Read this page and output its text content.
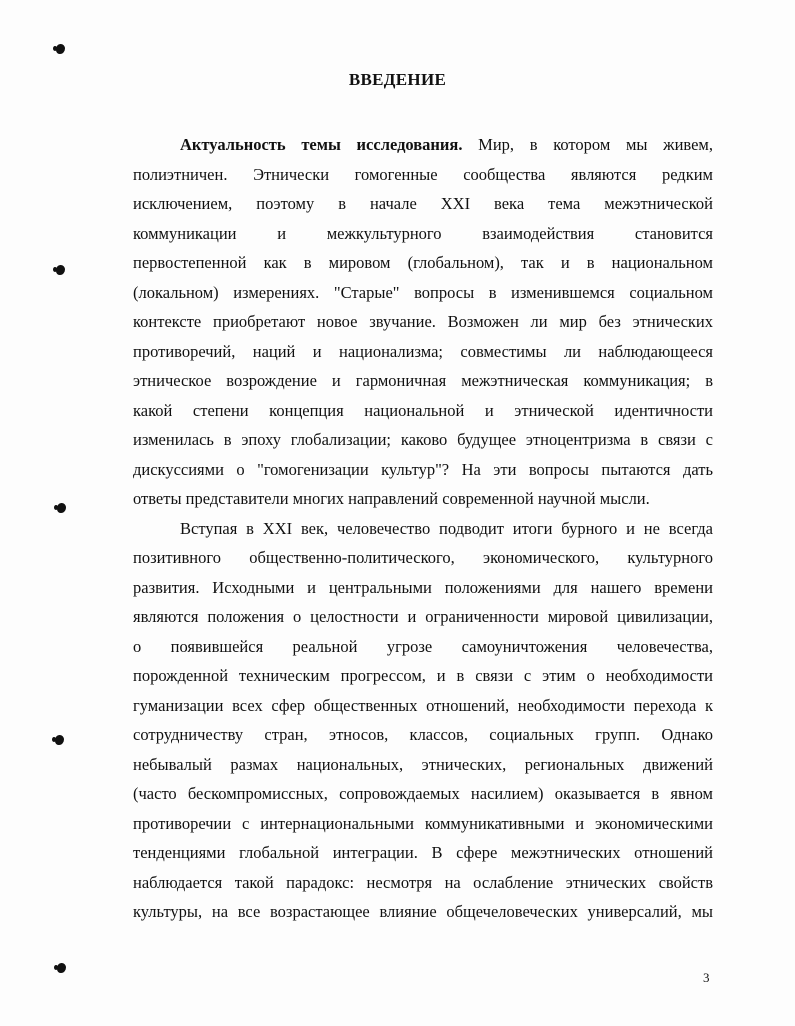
ВВЕДЕНИЕ
Актуальность темы исследования. Мир, в котором мы живем,
полиэтничен. Этнически гомогенные сообщества являются редким
исключением, поэтому в начале XXI века тема межэтнической
коммуникации и межкультурного взаимодействия становится
первостепенной как в мировом (глобальном), так и в национальном
(локальном) измерениях. "Старые" вопросы в изменившемся социальном
контексте приобретают новое звучание. Возможен ли мир без этнических
противоречий, наций и национализма; совместимы ли наблюдающееся
этническое возрождение и гармоничная межэтническая коммуникация; в
какой степени концепция национальной и этнической идентичности
изменилась в эпоху глобализации; каково будущее этноцентризма в связи с
дискуссиями о "гомогенизации культур"? На эти вопросы пытаются дать
ответы представители многих направлений современной научной мысли.
Вступая в XXI век, человечество подводит итоги бурного и не всегда
позитивного общественно-политического, экономического, культурного
развития. Исходными и центральными положениями для нашего времени
являются положения о целостности и ограниченности мировой цивилизации,
о появившейся реальной угрозе самоуничтожения человечества,
порожденной техническим прогрессом, и в связи с этим о необходимости
гуманизации всех сфер общественных отношений, необходимости перехода к
сотрудничеству стран, этносов, классов, социальных групп. Однако
небывалый размах национальных, этнических, региональных движений
(часто бескомпромиссных, сопровождаемых насилием) оказывается в явном
противоречии с интернациональными коммуникативными и экономическими
тенденциями глобальной интеграции. В сфере межэтнических отношений
наблюдается такой парадокс: несмотря на ослабление этнических свойств
культуры, на все возрастающее влияние общечеловеческих универсалий, мы
3
